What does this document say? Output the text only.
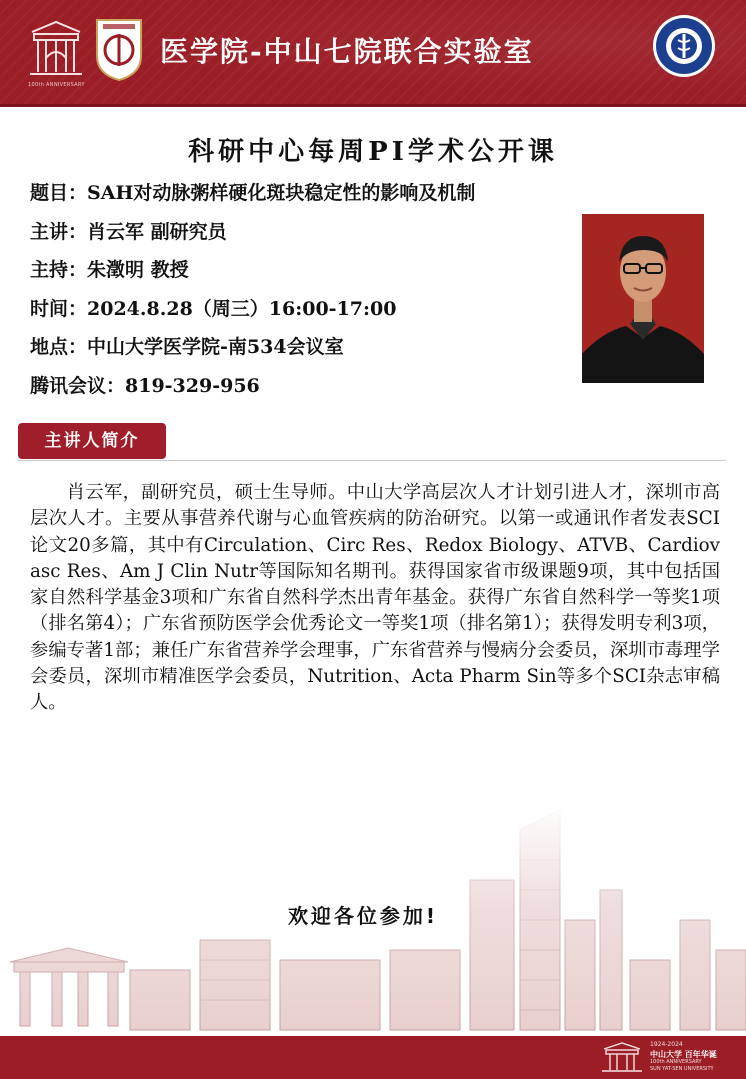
100th ANNIVERSARY
医学院-中山七院联合实验室
科研中心每周PI学术公开课
题目：SAH对动脉粥样硬化斑块稳定性的影响及机制
主讲：肖云军 副研究员
主持：朱澂明 教授
时间：2024.8.28（周三）16:00-17:00
地点：中山大学医学院-南534会议室
腾讯会议：819-329-956
主讲人简介
肖云军，副研究员，硕士生导师。中山大学高层次人才计划引进人才，深圳市高层次人才。主要从事营养代谢与心血管疾病的防治研究。以第一或通讯作者发表SCI论文20多篇，其中有Circulation、Circ Res、Redox Biology、ATVB、Cardiovasc Res、Am J Clin Nutr等国际知名期刊。获得国家省市级课题9项，其中包括国家自然科学基金3项和广东省自然科学杰出青年基金。获得广东省自然科学一等奖1项（排名第4）；广东省预防医学会优秀论文一等奖1项（排名第1）；获得发明专利3项，参编专著1部；兼任广东省营养学会理事，广东省营养与慢病分会委员，深圳市毒理学会委员，深圳市精准医学会委员，Nutrition、Acta Pharm Sin等多个SCI杂志审稿人。
欢迎各位参加!
1924-2024
中山大学 百年华诞
100th ANNIVERSARY
SUN YAT-SEN UNIVERSITY
